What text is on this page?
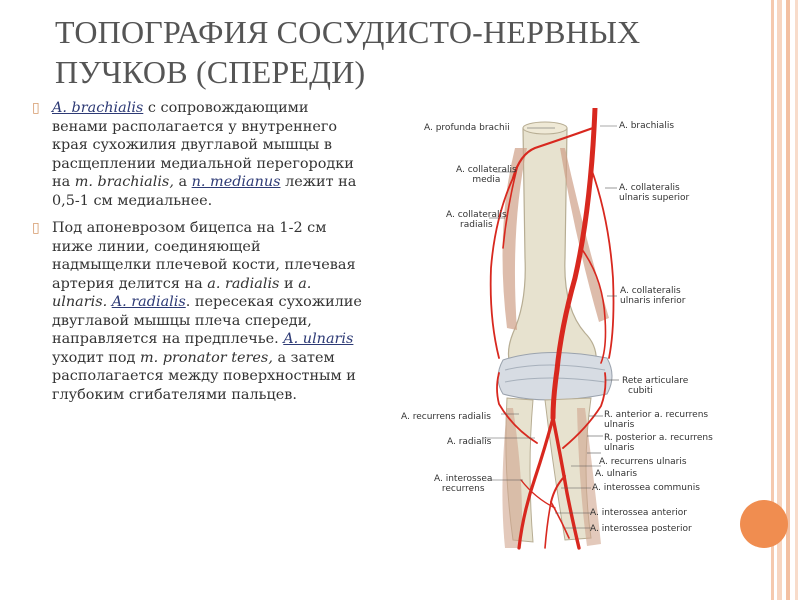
ТОПОГРАФИЯ СОСУДИСТО-НЕРВНЫХ
ПУЧКОВ (СПЕРЕДИ)
▯ A. brachialis с сопровождающими венами располагается у внутреннего края сухожилия двуглавой мышцы в расщеплении медиальной перегородки на m. brachialis, а n. medianus лежит на 0,5-1 см медиальнее.
▯ Под апоневрозом бицепса на 1-2 см ниже линии, соединяющей надмыщелки плечевой кости, плечевая артерия делится на a. radialis и a. ulnaris. A. radialis. пересекая сухожилие двуглавой мышцы плеча спереди, направляется на предплечье. A. ulnaris уходит под m. pronator teres, а затем располагается между поверхностным и глубоким сгибателями пальцев.
A. profunda brachii	A. brachialis
A. collateralis
media
A. collateralis
ulnaris superior
A. collateralis
radialis
A. collateralis
ulnaris inferior
Rete articulare
cubiti
A. recurrens radialis	R. anterior a. recurrens
ulnaris
A. radialis	R. posterior a. recurrens
ulnaris
A. recurrens ulnaris
A. ulnaris
A. interossea
recurrens	A. interossea communis
A. interossea anterior
A. interossea posterior
